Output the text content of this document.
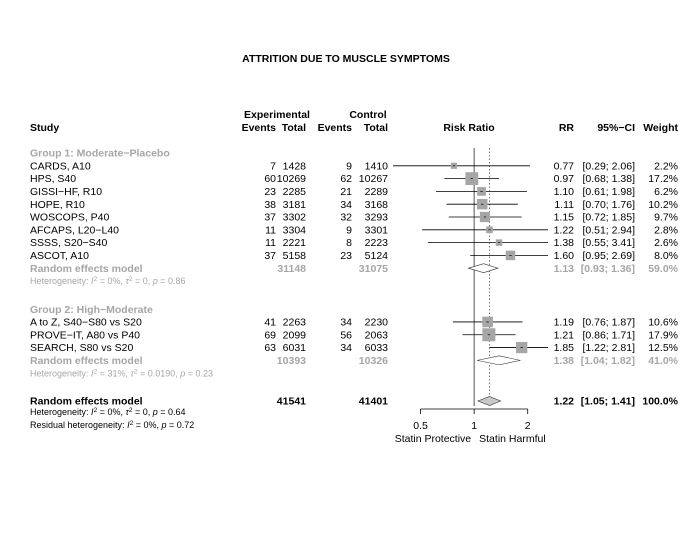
ATTRITION DUE TO MUSCLE SYMPTOMS
Experimental	Control
Study	Events Total Events Total	Risk Ratio	RR 95%−CI Weight
Group 1: Moderate−Placebo
CARDS, A10	7 1428	9 1410	0.77 [0.29; 2.06] 2.2%
HPS, S40	60 10269	62 10267	0.97 [0.68; 1.38] 17.2%
GISSI−HF, R10	23 2285	21 2289	1.10 [0.61; 1.98] 6.2%
HOPE, R10	38 3181	34 3168	1.11 [0.70; 1.76] 10.2%
WOSCOPS, P40	37 3302	32 3293	1.15 [0.72; 1.85] 9.7%
AFCAPS, L20−L40	11 3304	9 3301	1.22 [0.51; 2.94] 2.8%
SSSS, S20−S40	11 2221	8 2223	1.38 [0.55; 3.41] 2.6%
ASCOT, A10	37 5158	23 5124	1.60 [0.95; 2.69] 8.0%
Random effects model	31148	31075	1.13 [0.93; 1.36] 59.0%
Heterogeneity: $I^2 = 0\%$, $\tau^2 = 0$, p = 0.86
Group 2: High−Moderate
A to Z, S40−S80 vs S20	41 2263	34 2230	1.19 [0.76; 1.87] 10.6%
PROVE−IT, A80 vs P40	69 2099	56 2063	1.21 [0.86; 1.71] 17.9%
SEARCH, S80 vs S20	63 6031	34 6033	1.85 [1.22; 2.81] 12.5%
Random effects model	10393	10326	1.38 [1.04; 1.82] 41.0%
Heterogeneity: $I^2 = 31\%$, $\tau^2 = 0.0190$, p = 0.23
Random effects model	41541	41401	1.22 [1.05; 1.41] 100.0%
Heterogeneity: $I^2 = 0\%$, $\tau^2 = 0$, p = 0.64
Residual heterogeneity: $I^2 = 0\%$, p = 0.72	0.5	1	2
Statin Protective Statin Harmful
